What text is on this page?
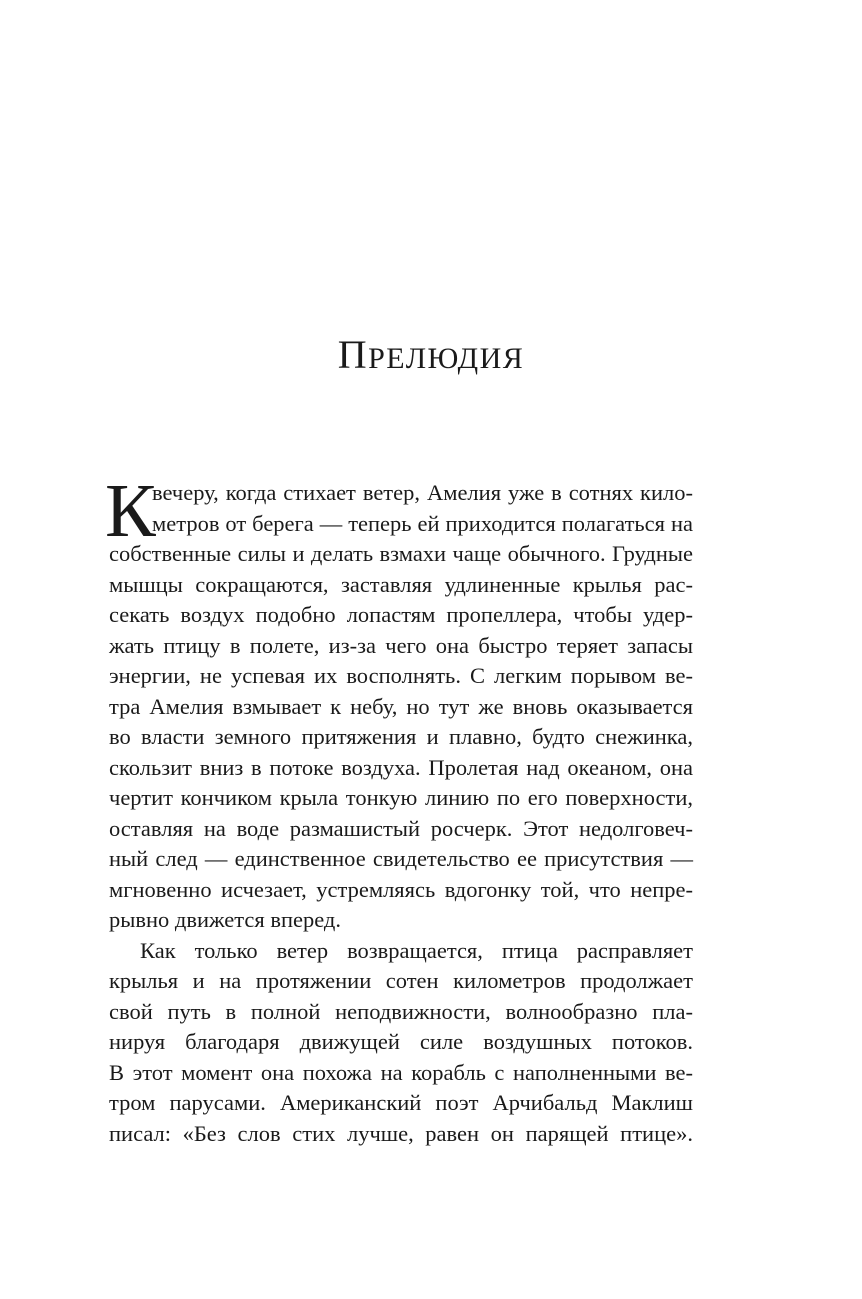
ПРЕЛЮДИЯ
К
вечеру, когда стихает ветер, Амелия уже в сотнях кило-
метров от берега — теперь ей приходится полагаться на
собственные силы и делать взмахи чаще обычного. Грудные
мышцы сокращаются, заставляя удлиненные крылья рас-
секать воздух подобно лопастям пропеллера, чтобы удер-
жать птицу в полете, из-за чего она быстро теряет запасы
энергии, не успевая их восполнять. С легким порывом ве-
тра Амелия взмывает к небу, но тут же вновь оказывается
во власти земного притяжения и плавно, будто снежинка,
скользит вниз в потоке воздуха. Пролетая над океаном, она
чертит кончиком крыла тонкую линию по его поверхности,
оставляя на воде размашистый росчерк. Этот недолговеч-
ный след — единственное свидетельство ее присутствия —
мгновенно исчезает, устремляясь вдогонку той, что непре-
рывно движется вперед.
Как только ветер возвращается, птица расправляет
крылья и на протяжении сотен километров продолжает
свой путь в полной неподвижности, волнообразно пла-
нируя благодаря движущей силе воздушных потоков.
В этот момент она похожа на корабль с наполненными ве-
тром парусами. Американский поэт Арчибальд Маклиш
писал: «Без слов стих лучше, равен он парящей птице».
